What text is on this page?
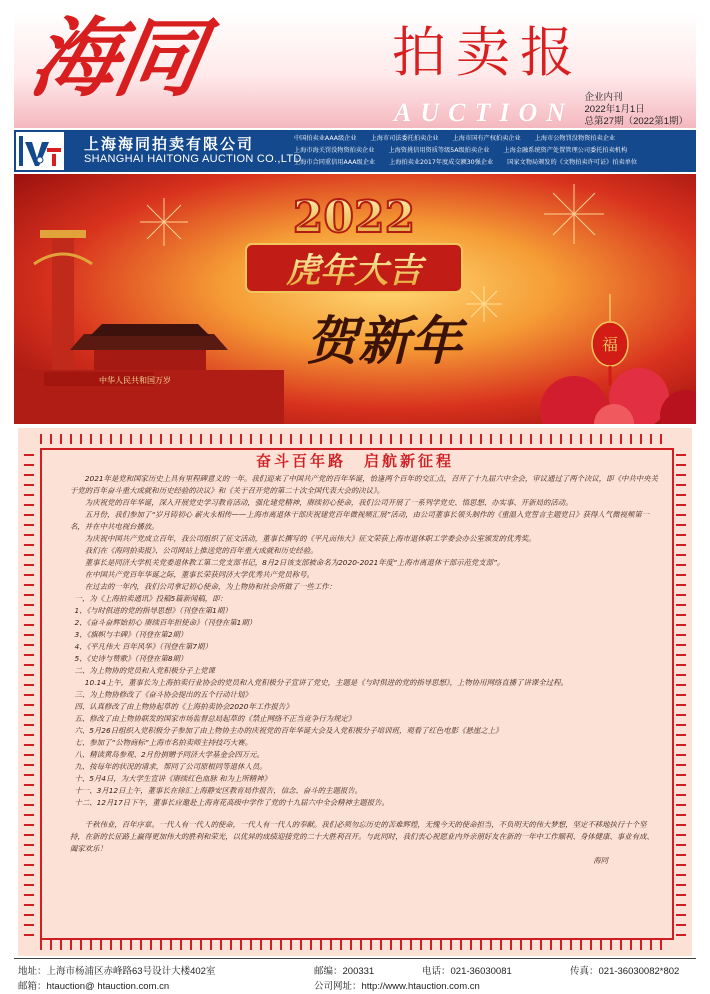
海同	拍卖报
AUCTION
企业内刊
2022年1月1日
总第27期（2022第1期）
上海海同拍卖有限公司
SHANGHAI HAITONG AUCTION CO.,LTD
中国拍卖业AAA级企业 上海市司法委托拍卖企业 上海市国有产权拍卖企业 上海市公物罚没物资拍卖企业上海市海关罚没物资拍卖企业 上海资挑信用资质等级5A级拍卖企业 上海金融系统资产处置管理公司委托拍卖机构上海市合同重信用AAA级企业 上海拍卖业2017年度成交额30强企业 国家文物局颁发的《文物拍卖许可证》拍卖单位
中华人民共和国万岁
2022
虎年大吉
贺新年	福
奋斗百年路　启航新征程

2021年是党和国家历史上具有里程碑意义的一年。我们迎来了中国共产党的百年华诞，恰逢两个百年的交汇点，召开了十九届六中全会，审议通过了两个决议，即《中共中央关于党的百年奋斗重大成就和历史经验的决议》和《关于召开党的第二十次全国代表大会的决议》。

为庆祝党的百年华诞，深入开展党史学习教育活动，强化建党精神，赓续初心使命，我们公司开展了一系列学党史、悟思想、办实事、开新局的活动。

五月份，我们参加了“岁月铸初心 薪火永相传——上海市离退休干部庆祝建党百年微视频汇展”活动，由公司董事长领头制作的《重温入党誓言主题党日》获得人气微视频第一名，并在中共电视台播放。

为庆祝中国共产党成立百年，我公司组织了征文活动，董事长撰写的《平凡而伟大》征文荣获上海市退休职工学委会办公室颁发的优秀奖。

我们在《海同拍卖报》、公司网站上推送党的百年重大成就和历史经验。

董事长是同济大学机关党委退休教工第二党支部书记，8月2日该支部被命名为2020-2021年度“上海市离退休干部示范党支部”。

在中国共产党百年华诞之际，董事长荣获同济大学优秀共产党员称号。

在过去的一年内，我们公司拿记初心使命，为上物协和社会所做了一些工作：

一、为《上海拍卖通讯》投稿5篇新闻稿，即：

1、《与时俱进的党的指导思想》（刊登在第1期）

2、《奋斗奋辉始初心 赓续百年担使命》（刊登在第1期）

3、《旗帜与丰碑》（刊登在第2期）

4、《平凡伟大 百年风华》（刊登在第7期）

5、《史诗与赞歌》（刊登在第8期）

二、为上物协的党员和入党积极分子上党课

10.14上午，董事长为上海拍卖行业协会的党员和入党积极分子宣讲了党史，主题是《与时俱进的党的指导思想》，上物协用网络直播了讲课全过程。

三、为上物协修改了《奋斗协会提出的五个行动计划》

四、认真修改了由上物协起草的《上海拍卖协会2020年工作报告》

五、修改了由上物协联发的国家市场监督总局起草的《禁止网络不正当竞争行为规定》

六、5月26日组织入党积极分子参加了由上物协主办的庆祝党的百年华诞大会及入党积极分子培训班，观看了红色电影《悬崖之上》

七、参加了“公物商标”上海市名拍卖师主持技巧大赛。

八、精读黄岛参观、2月份捐赠予同济大学基金会四万元。

九、按每年的状况的请求，帮同了公司原根同等退休人员。

十、5月4日，为大学生宣讲《赓续红色血脉 和为上所精神》

十一、3月12日上午，董事长在徐汇上海静安区教育局作报告，信念、奋斗的主题报告。

十二、12月17日下午，董事长应邀赴上海青花高级中学作了党的十九届六中全会精神主题报告。

千秋伟业，百年序章。一代人有一代人的使命，一代人有一代人的奉献。我们必须勿忘历史的苦难辉煌，无愧今天的使命担当，不负明天的伟大梦想，坚定不移地执行十个坚持，在新的长征路上赢得更加伟大的胜利和荣光，以优异的成绩迎接党的二十大胜利召开。与此同时，我们衷心祝愿业内外亲朋好友在新的一年中工作顺利、身体健康、事业有成、阖家欢乐！

海同

地址：上海市杨浦区赤峰路63号设计大楼402室	邮编：200331	电话：021-36030081	传真：021-36030082*802
邮箱：htauction@ htauction.com.cn	公司网址：http://www.htauction.com.cn
